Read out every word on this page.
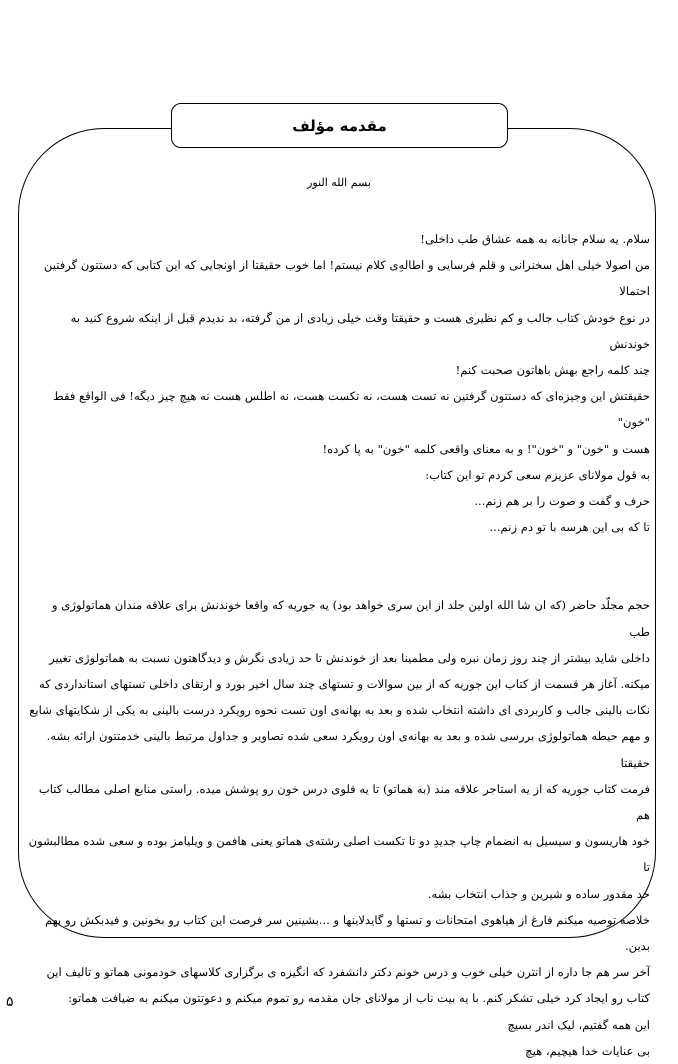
مقدمه مؤلف
بسم الله النور

سلام. یه سلام جانانه به همه عشاق طب داخلی!

من اصولا خیلی اهل سخنرانی و قلم فرسایی و اطالهِ‌ی کلام نیستم! اما خوب حقیقتا از اونجایی که این کتابی که دستتون گرفتین احتمالا

در نوع خودش کتاب جالب و کم نظیری هست و حقیقتا وقت خیلی زیادی از من گرفته، بد ندیدم قبل از اینکه شروع کنید به خوندنش

چند کلمه راجع بهش باهاتون صحبت کنم!

حقیقتش این وجیزه‌ای که دستتون گرفتین نه تست هست، نه تکست هست، نه اطلس هست نه هیچ چیز دیگه! فی الواقع فقط "خون"

هست و "خون" و "خون"! و به معنای واقعی کلمه "خون" به پا کرده!

به قول مولانای عزیزم سعی کردم تو این کتاب:

حرف و گفت و صوت را بر هم زنم...

تا که بی این هرسه با تو دم زنم...

حجم مجلّد حاضر (که ان شا الله اولین جلد از این سری خواهد بود) یه جوریه که واقعا خوندنش برای علاقه مندان هماتولوژی و طب

داخلی شاید بیشتر از چند روز زمان نبره ولی مطمینا بعد از خوندنش تا حد زیادی نگرش و دیدگاهتون نسبت به هماتولوژی تغییر

میکنه. آغاز هر قسمت از کتاب این جوریه که از بین سوالات و تستهای چند سال اخیر بورد و ارتقای داخلی تستهای استانداردی که

نکات بالینی جالب و کاربردی ای داشته انتخاب شده و بعد به بهانه‌ی اون تست نحوه رویکرد درست بالینی به یکی از شکایتهای شایع

و مهم حیطه هماتولوژی بررسی شده و بعد به بهانه‌ی اون رویکرد سعی شده تصاویر و جداول مرتبط بالینی خدمتتون ارائه بشه. حقیقتا

فرمت کتاب جوریه که از یه استاجر علاقه مند (به هماتو) تا یه فلوی درس خون رو پوشش میده. راستی منابع اصلی مطالب کتاب هم

خود هاریسون و سیسیل به انضمام چاپ جدیدِ دو تا تکست اصلی رشته‌ی هماتو یعنی هافمن و ویلیامز بوده و سعی شده مطالبشون تا

حد مقدور ساده و شیرین و جذاب انتخاب بشه.

خلاصه توصیه میکنم فارغ از هیاهوی امتحانات و تستها و گایدلاینها و ...بشینین سر فرصت این کتاب رو بخونین و فیدبکش رو بهم

بدین.

آخر سر هم جا داره از انترن خیلی خوب و درس خونم دکتر دانشفرد که انگیزه ی برگزاری کلاسهای خودمونی هماتو و تالیف این

کتاب رو ایجاد کرد خیلی تشکر کنم. با یه بیت ناب از مولانای جان مقدمه رو تموم میکنم و دعوتتون میکنم به ضیافت هماتو:

این همه گفتیم، لیک اندر بسیچ

بی عنایات خدا هیچیم، هیچ

۵
